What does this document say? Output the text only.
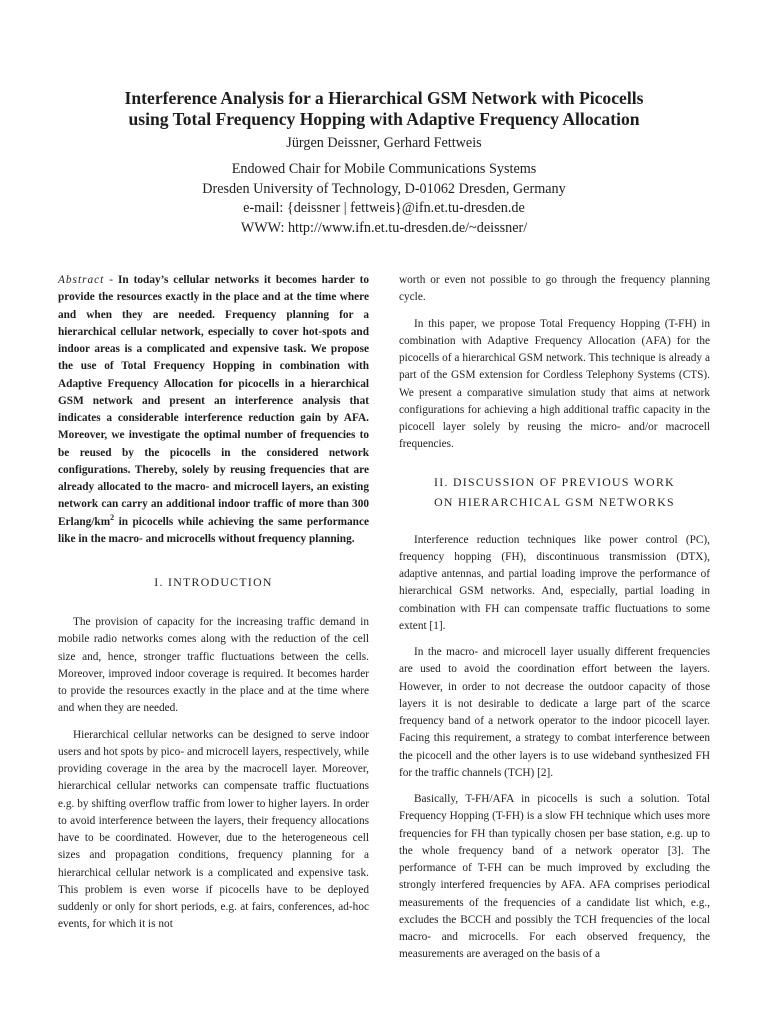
Interference Analysis for a Hierarchical GSM Network with Picocells
using Total Frequency Hopping with Adaptive Frequency Allocation
Jürgen Deissner, Gerhard Fettweis
Endowed Chair for Mobile Communications Systems
Dresden University of Technology, D-01062 Dresden, Germany
e-mail: {deissner | fettweis}@ifn.et.tu-dresden.de
WWW: http://www.ifn.et.tu-dresden.de/~deissner/

Abstract - In today’s cellular networks it becomes harder to provide the resources exactly in the place and at the time where and when they are needed. Frequency planning for a hierarchical cellular network, especially to cover hot-spots and indoor areas is a complicated and expensive task. We propose the use of Total Frequency Hopping in combination with Adaptive Frequency Allocation for picocells in a hierarchical GSM network and present an interference analysis that indicates a considerable interference reduction gain by AFA. Moreover, we investigate the optimal number of frequencies to be reused by the picocells in the considered network configurations. Thereby, solely by reusing frequencies that are already allocated to the macro- and microcell layers, an existing network can carry an additional indoor traffic of more than 300 Erlang/$km^2$ in picocells while achieving the same performance like in the macro- and microcells without frequency planning.

I. INTRODUCTION

The provision of capacity for the increasing traffic demand in mobile radio networks comes along with the reduction of the cell size and, hence, stronger traffic fluctuations between the cells. Moreover, improved indoor coverage is required. It becomes harder to provide the resources exactly in the place and at the time where and when they are needed.

Hierarchical cellular networks can be designed to serve indoor users and hot spots by pico- and microcell layers, respectively, while providing coverage in the area by the macrocell layer. Moreover, hierarchical cellular networks can compensate traffic fluctuations e.g. by shifting overflow traffic from lower to higher layers. In order to avoid interference between the layers, their frequency allocations have to be coordinated. However, due to the heterogeneous cell sizes and propagation conditions, frequency planning for a hierarchical cellular network is a complicated and expensive task. This problem is even worse if picocells have to be deployed suddenly or only for short periods, e.g. at fairs, conferences, ad-hoc events, for which it is not

worth or even not possible to go through the frequency planning cycle.

In this paper, we propose Total Frequency Hopping (T-FH) in combination with Adaptive Frequency Allocation (AFA) for the picocells of a hierarchical GSM network. This technique is already a part of the GSM extension for Cordless Telephony Systems (CTS). We present a comparative simulation study that aims at network configurations for achieving a high additional traffic capacity in the picocell layer solely by reusing the micro- and/or macrocell frequencies.

II. DISCUSSION OF PREVIOUS WORK
ON HIERARCHICAL GSM NETWORKS

Interference reduction techniques like power control (PC), frequency hopping (FH), discontinuous transmission (DTX), adaptive antennas, and partial loading improve the performance of hierarchical GSM networks. And, especially, partial loading in combination with FH can compensate traffic fluctuations to some extent [1].

In the macro- and microcell layer usually different frequencies are used to avoid the coordination effort between the layers. However, in order to not decrease the outdoor capacity of those layers it is not desirable to dedicate a large part of the scarce frequency band of a network operator to the indoor picocell layer. Facing this requirement, a strategy to combat interference between the picocell and the other layers is to use wideband synthesized FH for the traffic channels (TCH) [2].

Basically, T-FH/AFA in picocells is such a solution. Total Frequency Hopping (T-FH) is a slow FH technique which uses more frequencies for FH than typically chosen per base station, e.g. up to the whole frequency band of a network operator [3]. The performance of T-FH can be much improved by excluding the strongly interfered frequencies by AFA. AFA comprises periodical measurements of the frequencies of a candidate list which, e.g., excludes the BCCH and possibly the TCH frequencies of the local macro- and microcells. For each observed frequency, the measurements are averaged on the basis of a
